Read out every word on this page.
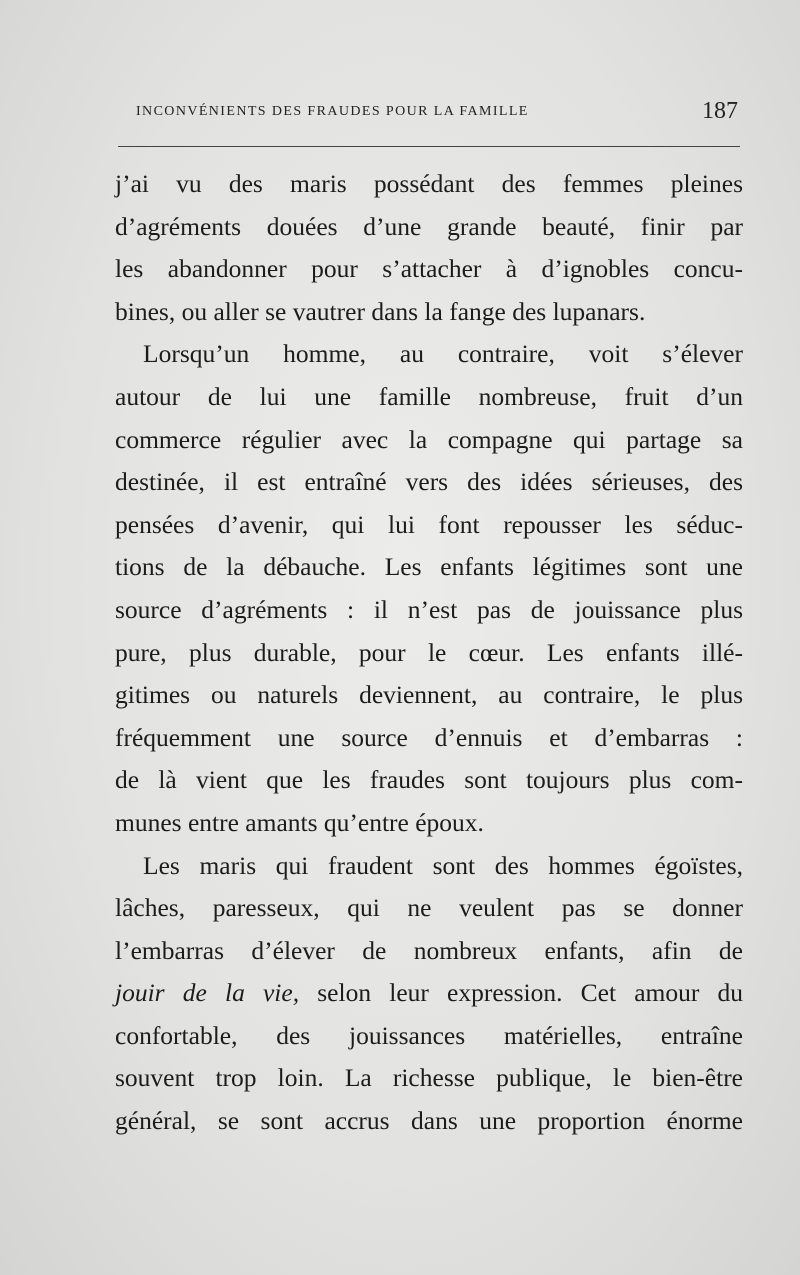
INCONVÉNIENTS DES FRAUDES POUR LA FAMILLE	187
j’ai vu des maris possédant des femmes pleines
d’agréments douées d’une grande beauté, finir par
les abandonner pour s’attacher à d’ignobles concu-
bines, ou aller se vautrer dans la fange des lupanars.
Lorsqu’un homme, au contraire, voit s’élever
autour de lui une famille nombreuse, fruit d’un
commerce régulier avec la compagne qui partage sa
destinée, il est entraîné vers des idées sérieuses, des
pensées d’avenir, qui lui font repousser les séduc-
tions de la débauche. Les enfants légitimes sont une
source d’agréments : il n’est pas de jouissance plus
pure, plus durable, pour le cœur. Les enfants illé-
gitimes ou naturels deviennent, au contraire, le plus
fréquemment une source d’ennuis et d’embarras :
de là vient que les fraudes sont toujours plus com-
munes entre amants qu’entre époux.
Les maris qui fraudent sont des hommes égoïstes,
lâches, paresseux, qui ne veulent pas se donner
l’embarras d’élever de nombreux enfants, afin de
jouir de la vie, selon leur expression. Cet amour du
confortable, des jouissances matérielles, entraîne
souvent trop loin. La richesse publique, le bien-être
général, se sont accrus dans une proportion énorme
